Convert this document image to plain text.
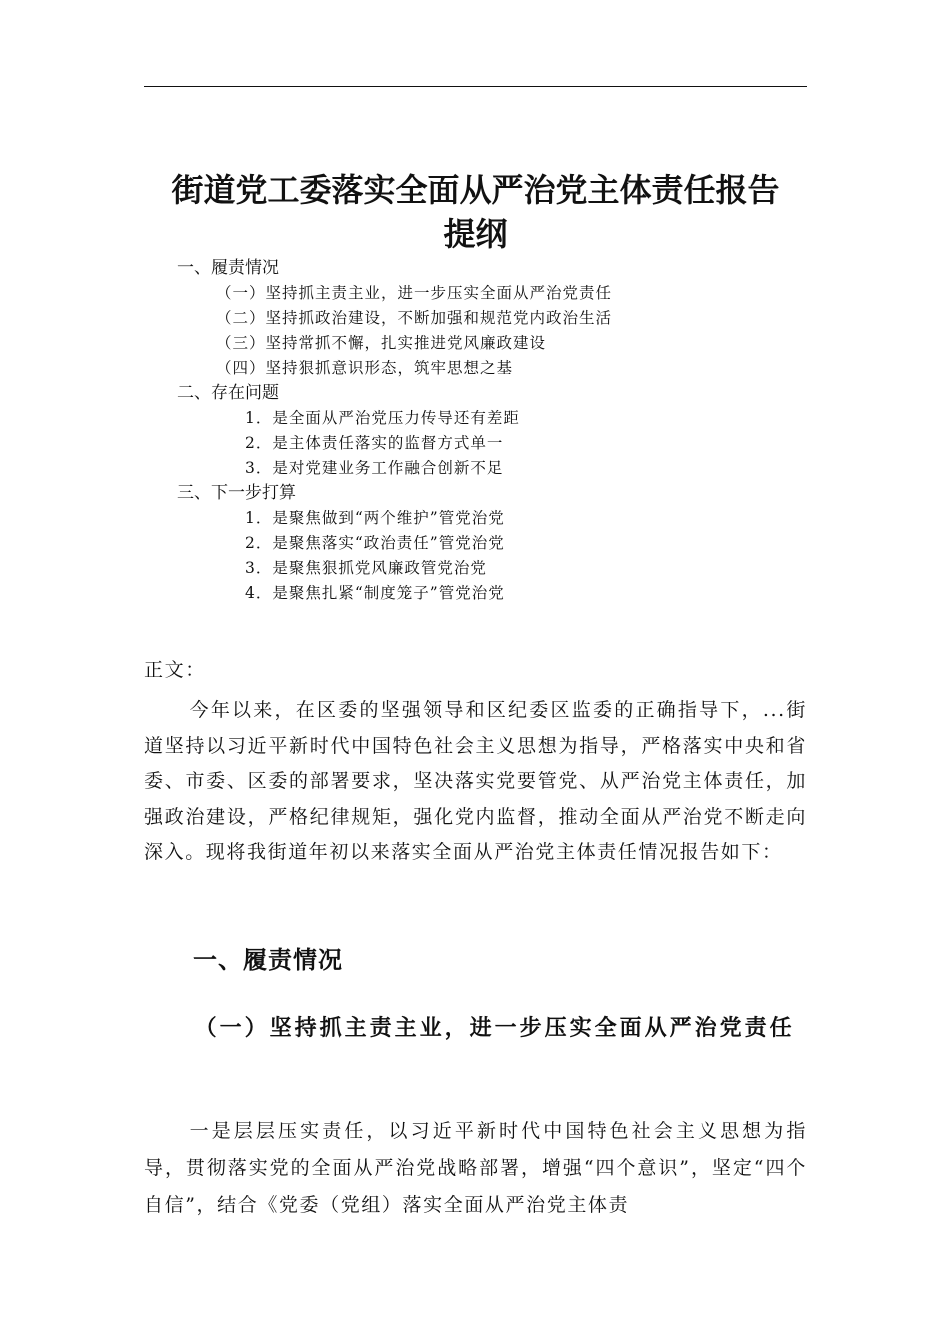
街道党工委落实全面从严治党主体责任报告
提纲
一、履责情况
（一）坚持抓主责主业，进一步压实全面从严治党责任
（二）坚持抓政治建设，不断加强和规范党内政治生活
（三）坚持常抓不懈，扎实推进党风廉政建设
（四）坚持狠抓意识形态，筑牢思想之基
二、存在问题
1．是全面从严治党压力传导还有差距
2．是主体责任落实的监督方式单一
3．是对党建业务工作融合创新不足
三、下一步打算
1．是聚焦做到“两个维护”管党治党
2．是聚焦落实“政治责任”管党治党
3．是聚焦狠抓党风廉政管党治党
4．是聚焦扎紧“制度笼子”管党治党
正文：
今年以来，在区委的坚强领导和区纪委区监委的正确指导下，...街道坚持以习近平新时代中国特色社会主义思想为指导，严格落实中央和省委、市委、区委的部署要求，坚决落实党要管党、从严治党主体责任，加强政治建设，严格纪律规矩，强化党内监督，推动全面从严治党不断走向深入。现将我街道年初以来落实全面从严治党主体责任情况报告如下：
一、履责情况
（一）坚持抓主责主业，进一步压实全面从严治党责任
一是层层压实责任，以习近平新时代中国特色社会主义思想为指导，贯彻落实党的全面从严治党战略部署，增强“四个意识”，坚定“四个自信”，结合《党委（党组）落实全面从严治党主体责
